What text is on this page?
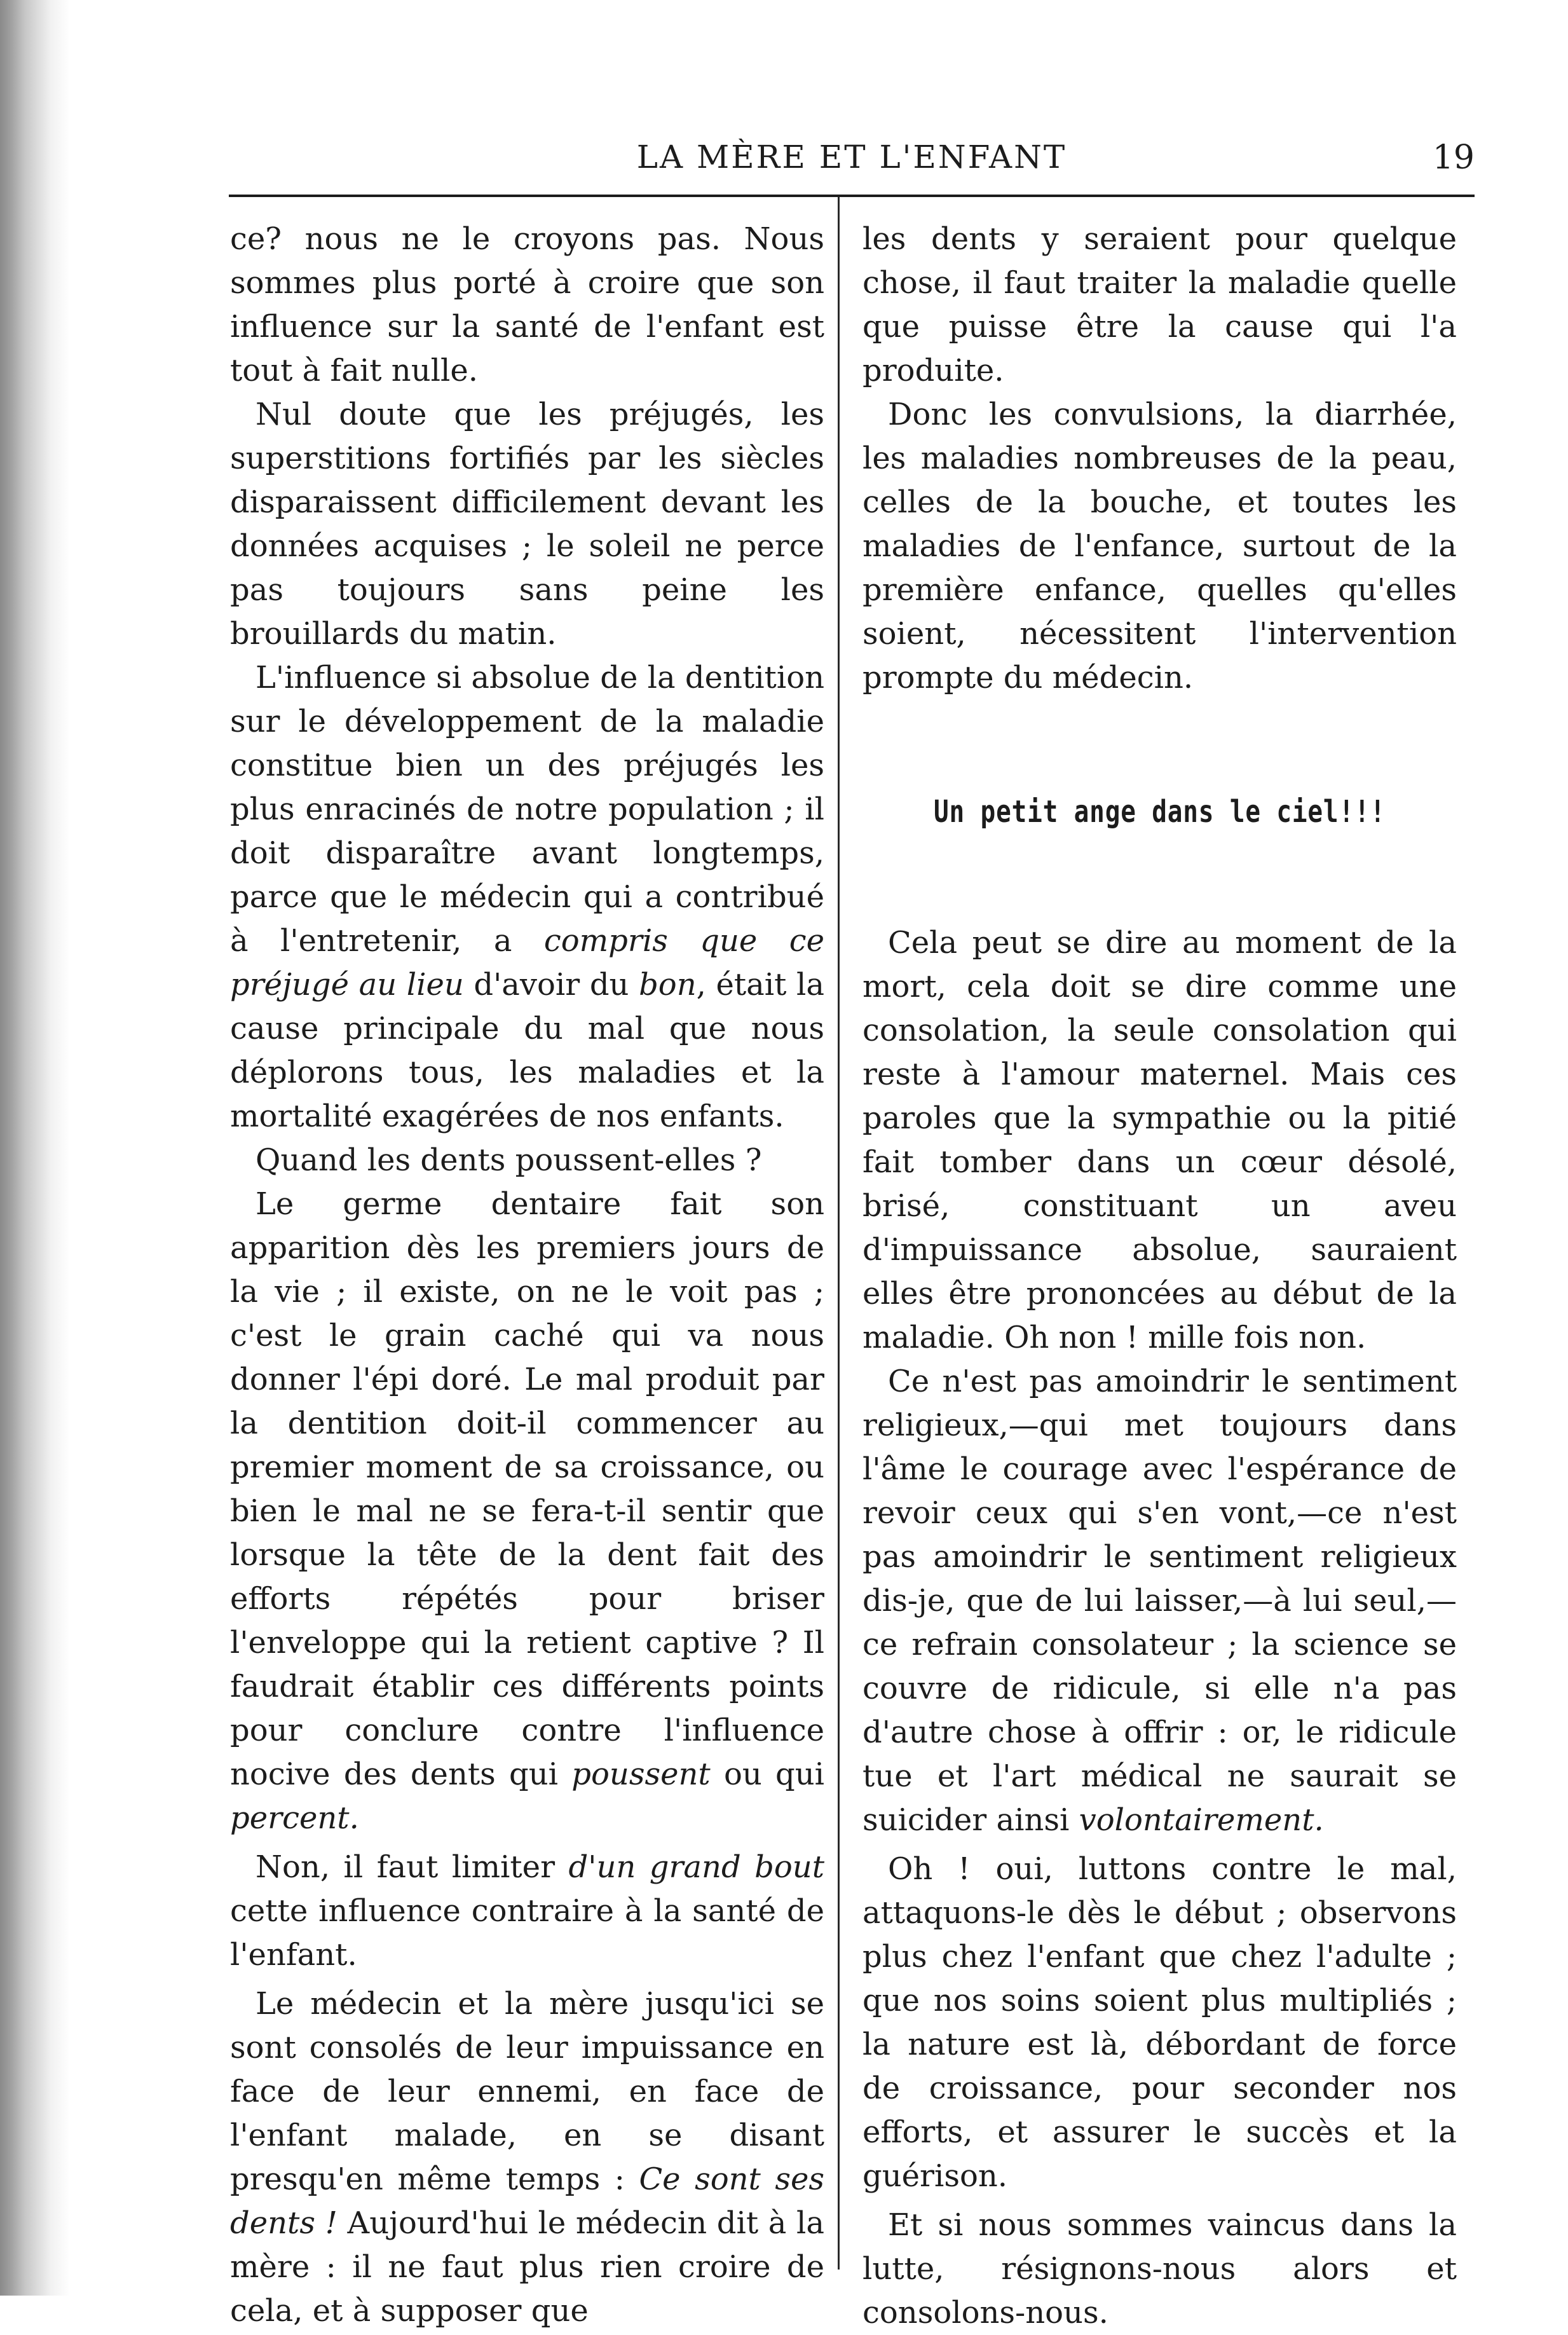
LA MÈRE ET L'ENFANT	19

ce? nous ne le croyons pas. Nous sommes plus porté à croire que son influence sur la santé de l'enfant est tout à fait nulle.

Nul doute que les préjugés, les superstitions fortifiés par les siècles disparaissent difficilement devant les données acquises ; le soleil ne perce pas toujours sans peine les brouillards du matin.

L'influence si absolue de la dentition sur le développement de la maladie constitue bien un des préjugés les plus enracinés de notre population ; il doit disparaître avant longtemps, parce que le médecin qui a contribué à l'entretenir, a compris que ce préjugé au lieu d'avoir du bon, était la cause principale du mal que nous déplorons tous, les maladies et la mortalité exagérées de nos enfants.

Quand les dents poussent-elles ?

Le germe dentaire fait son apparition dès les premiers jours de la vie ; il existe, on ne le voit pas ; c'est le grain caché qui va nous donner l'épi doré. Le mal produit par la dentition doit-il commencer au premier moment de sa croissance, ou bien le mal ne se fera-t-il sentir que lorsque la tête de la dent fait des efforts répétés pour briser l'enveloppe qui la retient captive ? Il faudrait établir ces différents points pour conclure contre l'influence nocive des dents qui poussent ou qui percent.

Non, il faut limiter d'un grand bout cette influence contraire à la santé de l'enfant.

Le médecin et la mère jusqu'ici se sont consolés de leur impuissance en face de leur ennemi, en face de l'enfant malade, en se disant presqu'en même temps : Ce sont ses dents ! Aujourd'hui le médecin dit à la mère : il ne faut plus rien croire de cela, et à supposer que

les dents y seraient pour quelque chose, il faut traiter la maladie quelle que puisse être la cause qui l'a produite.

Donc les convulsions, la diarrhée, les maladies nombreuses de la peau, celles de la bouche, et toutes les maladies de l'enfance, surtout de la première enfance, quelles qu'elles soient, nécessitent l'intervention prompte du médecin.

Un petit ange dans le ciel!!!

Cela peut se dire au moment de la mort, cela doit se dire comme une consolation, la seule consolation qui reste à l'amour maternel. Mais ces paroles que la sympathie ou la pitié fait tomber dans un cœur désolé, brisé, constituant un aveu d'impuissance absolue, sauraient elles être prononcées au début de la maladie. Oh non ! mille fois non.

Ce n'est pas amoindrir le sentiment religieux,—qui met toujours dans l'âme le courage avec l'espérance de revoir ceux qui s'en vont,—ce n'est pas amoindrir le sentiment religieux dis-je, que de lui laisser,—à lui seul,—ce refrain consolateur ; la science se couvre de ridicule, si elle n'a pas d'autre chose à offrir : or, le ridicule tue et l'art médical ne saurait se suicider ainsi volontairement.

Oh ! oui, luttons contre le mal, attaquons-le dès le début ; observons plus chez l'enfant que chez l'adulte ; que nos soins soient plus multipliés ; la nature est là, débordant de force de croissance, pour seconder nos efforts, et assurer le succès et la guérison.

Et si nous sommes vaincus dans la lutte, résignons-nous alors et consolons-nous.
